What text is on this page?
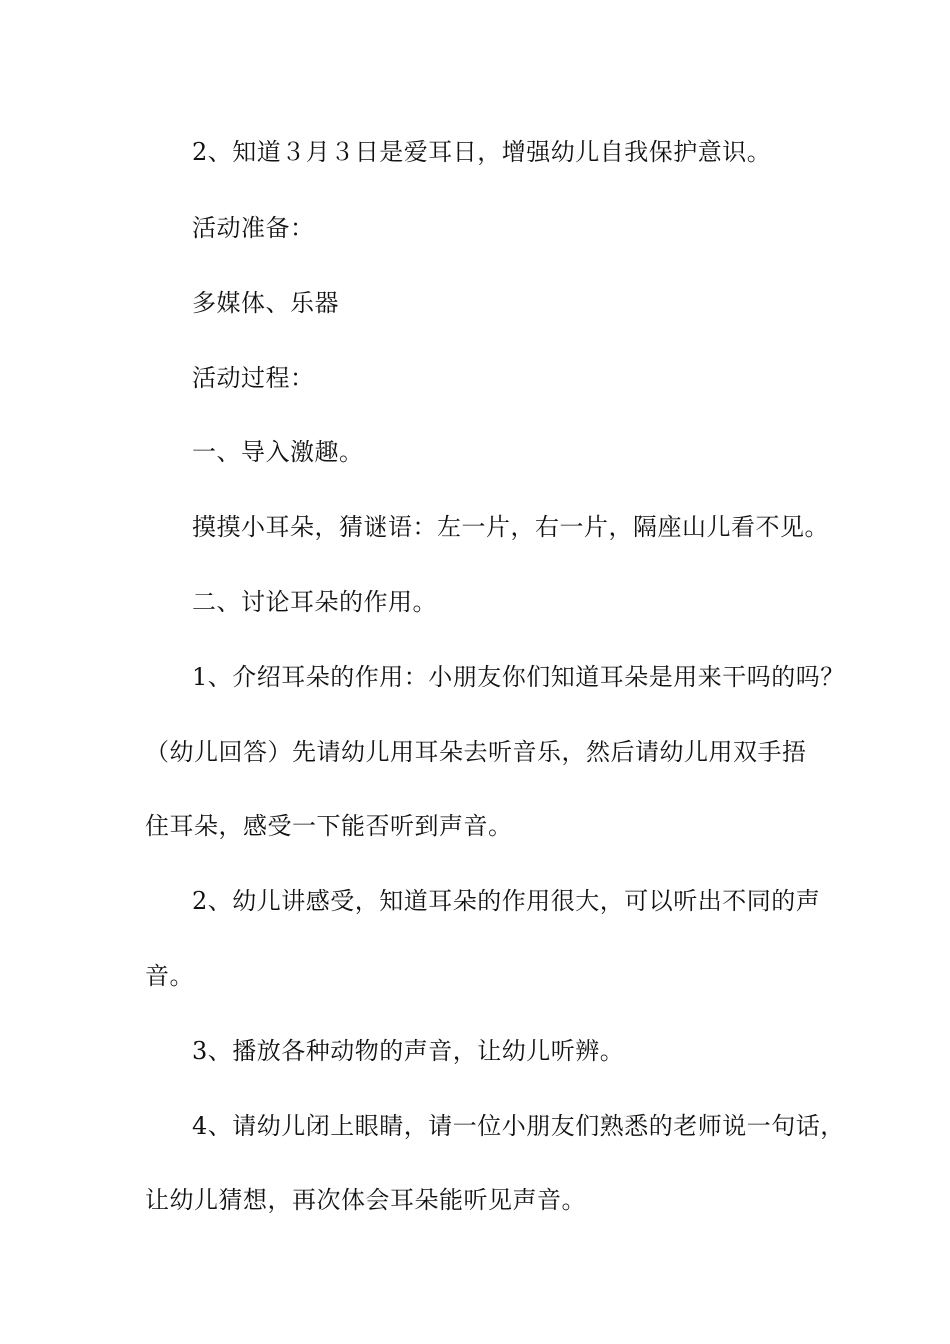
2、知道３月３日是爱耳日，增强幼儿自我保护意识。
活动准备：
多媒体、乐器
活动过程：
一、导入激趣。
摸摸小耳朵，猜谜语：左一片，右一片，隔座山儿看不见。
二、讨论耳朵的作用。
1、介绍耳朵的作用：小朋友你们知道耳朵是用来干吗的吗？
（幼儿回答）先请幼儿用耳朵去听音乐，然后请幼儿用双手捂
住耳朵，感受一下能否听到声音。
2、幼儿讲感受，知道耳朵的作用很大，可以听出不同的声
音。
3、播放各种动物的声音，让幼儿听辨。
4、请幼儿闭上眼睛，请一位小朋友们熟悉的老师说一句话，
让幼儿猜想，再次体会耳朵能听见声音。
